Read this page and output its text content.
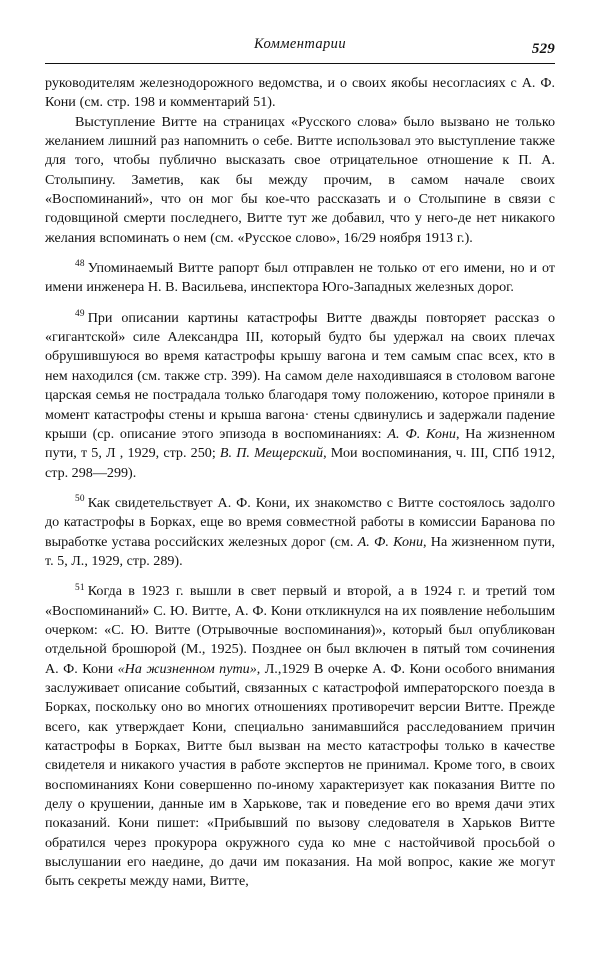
Комментарии	529

руководителям железнодорожного ведомства, и о своих якобы несогласиях с А. Ф. Кони (см. стр. 198 и комментарий 51).

Выступление Витте на страницах «Русского слова» было вызвано не только желанием лишний раз напомнить о себе. Витте использовал это выступление также для того, чтобы публично высказать свое отрицательное отношение к П. А. Столыпину. Заметив, как бы между прочим, в самом начале своих «Воспоминаний», что он мог бы кое-что рассказать и о Столыпине в связи с годовщиной смерти последнего, Витте тут же добавил, что у него-де нет никакого желания вспоминать о нем (см. «Русское слово», 16/29 ноября 1913 г.).

$^{48}$ Упоминаемый Витте рапорт был отправлен не только от его имени, но и от имени инженера Н. В. Васильева, инспектора Юго-Западных железных дорог.

$^{49}$ При описании картины катастрофы Витте дважды повторяет рассказ о «гигантской» силе Александра III, который будто бы удержал на своих плечах обрушившуюся во время катастрофы крышу вагона и тем самым спас всех, кто в нем находился (см. также стр. 399). На самом деле находившаяся в столовом вагоне царская семья не пострадала только благодаря тому положению, которое приняли в момент катастрофы стены и крыша вагона· стены сдвинулись и задержали падение крыши (ср. описание этого эпизода в воспоминаниях: А. Ф. Кони, На жизненном пути, т 5, Л , 1929, стр. 250; В. П. Мещерский, Мои воспоминания, ч. III, СПб 1912, стр. 298—299).

$^{50}$ Как свидетельствует А. Ф. Кони, их знакомство с Витте состоялось задолго до катастрофы в Борках, еще во время совместной работы в комиссии Баранова по выработке устава российских железных дорог (см. А. Ф. Кони, На жизненном пути, т. 5, Л., 1929, стр. 289).

$^{51}$ Когда в 1923 г. вышли в свет первый и второй, а в 1924 г. и третий том «Воспоминаний» С. Ю. Витте, А. Ф. Кони откликнулся на их появление небольшим очерком: «С. Ю. Витте (Отрывочные воспоминания)», который был опубликован отдельной брошюрой (М., 1925). Позднее он был включен в пятый том сочинения А. Ф. Кони «На жизненном пути», Л.,1929 В очерке А. Ф. Кони особого внимания заслуживает описание событий, связанных с катастрофой императорского поезда в Борках, поскольку оно во многих отношениях противоречит версии Витте. Прежде всего, как утверждает Кони, специально занимавшийся расследованием причин катастрофы в Борках, Витте был вызван на место катастрофы только в качестве свидетеля и никакого участия в работе экспертов не принимал. Кроме того, в своих воспоминаниях Кони совершенно по-иному характеризует как показания Витте по делу о крушении, данные им в Харькове, так и поведение его во время дачи этих показаний. Кони пишет: «Прибывший по вызову следователя в Харьков Витте обратился через прокурора окружного суда ко мне с настойчивой просьбой о выслушании его наедине, до дачи им показания. На мой вопрос, какие же могут быть секреты между нами, Витте,
